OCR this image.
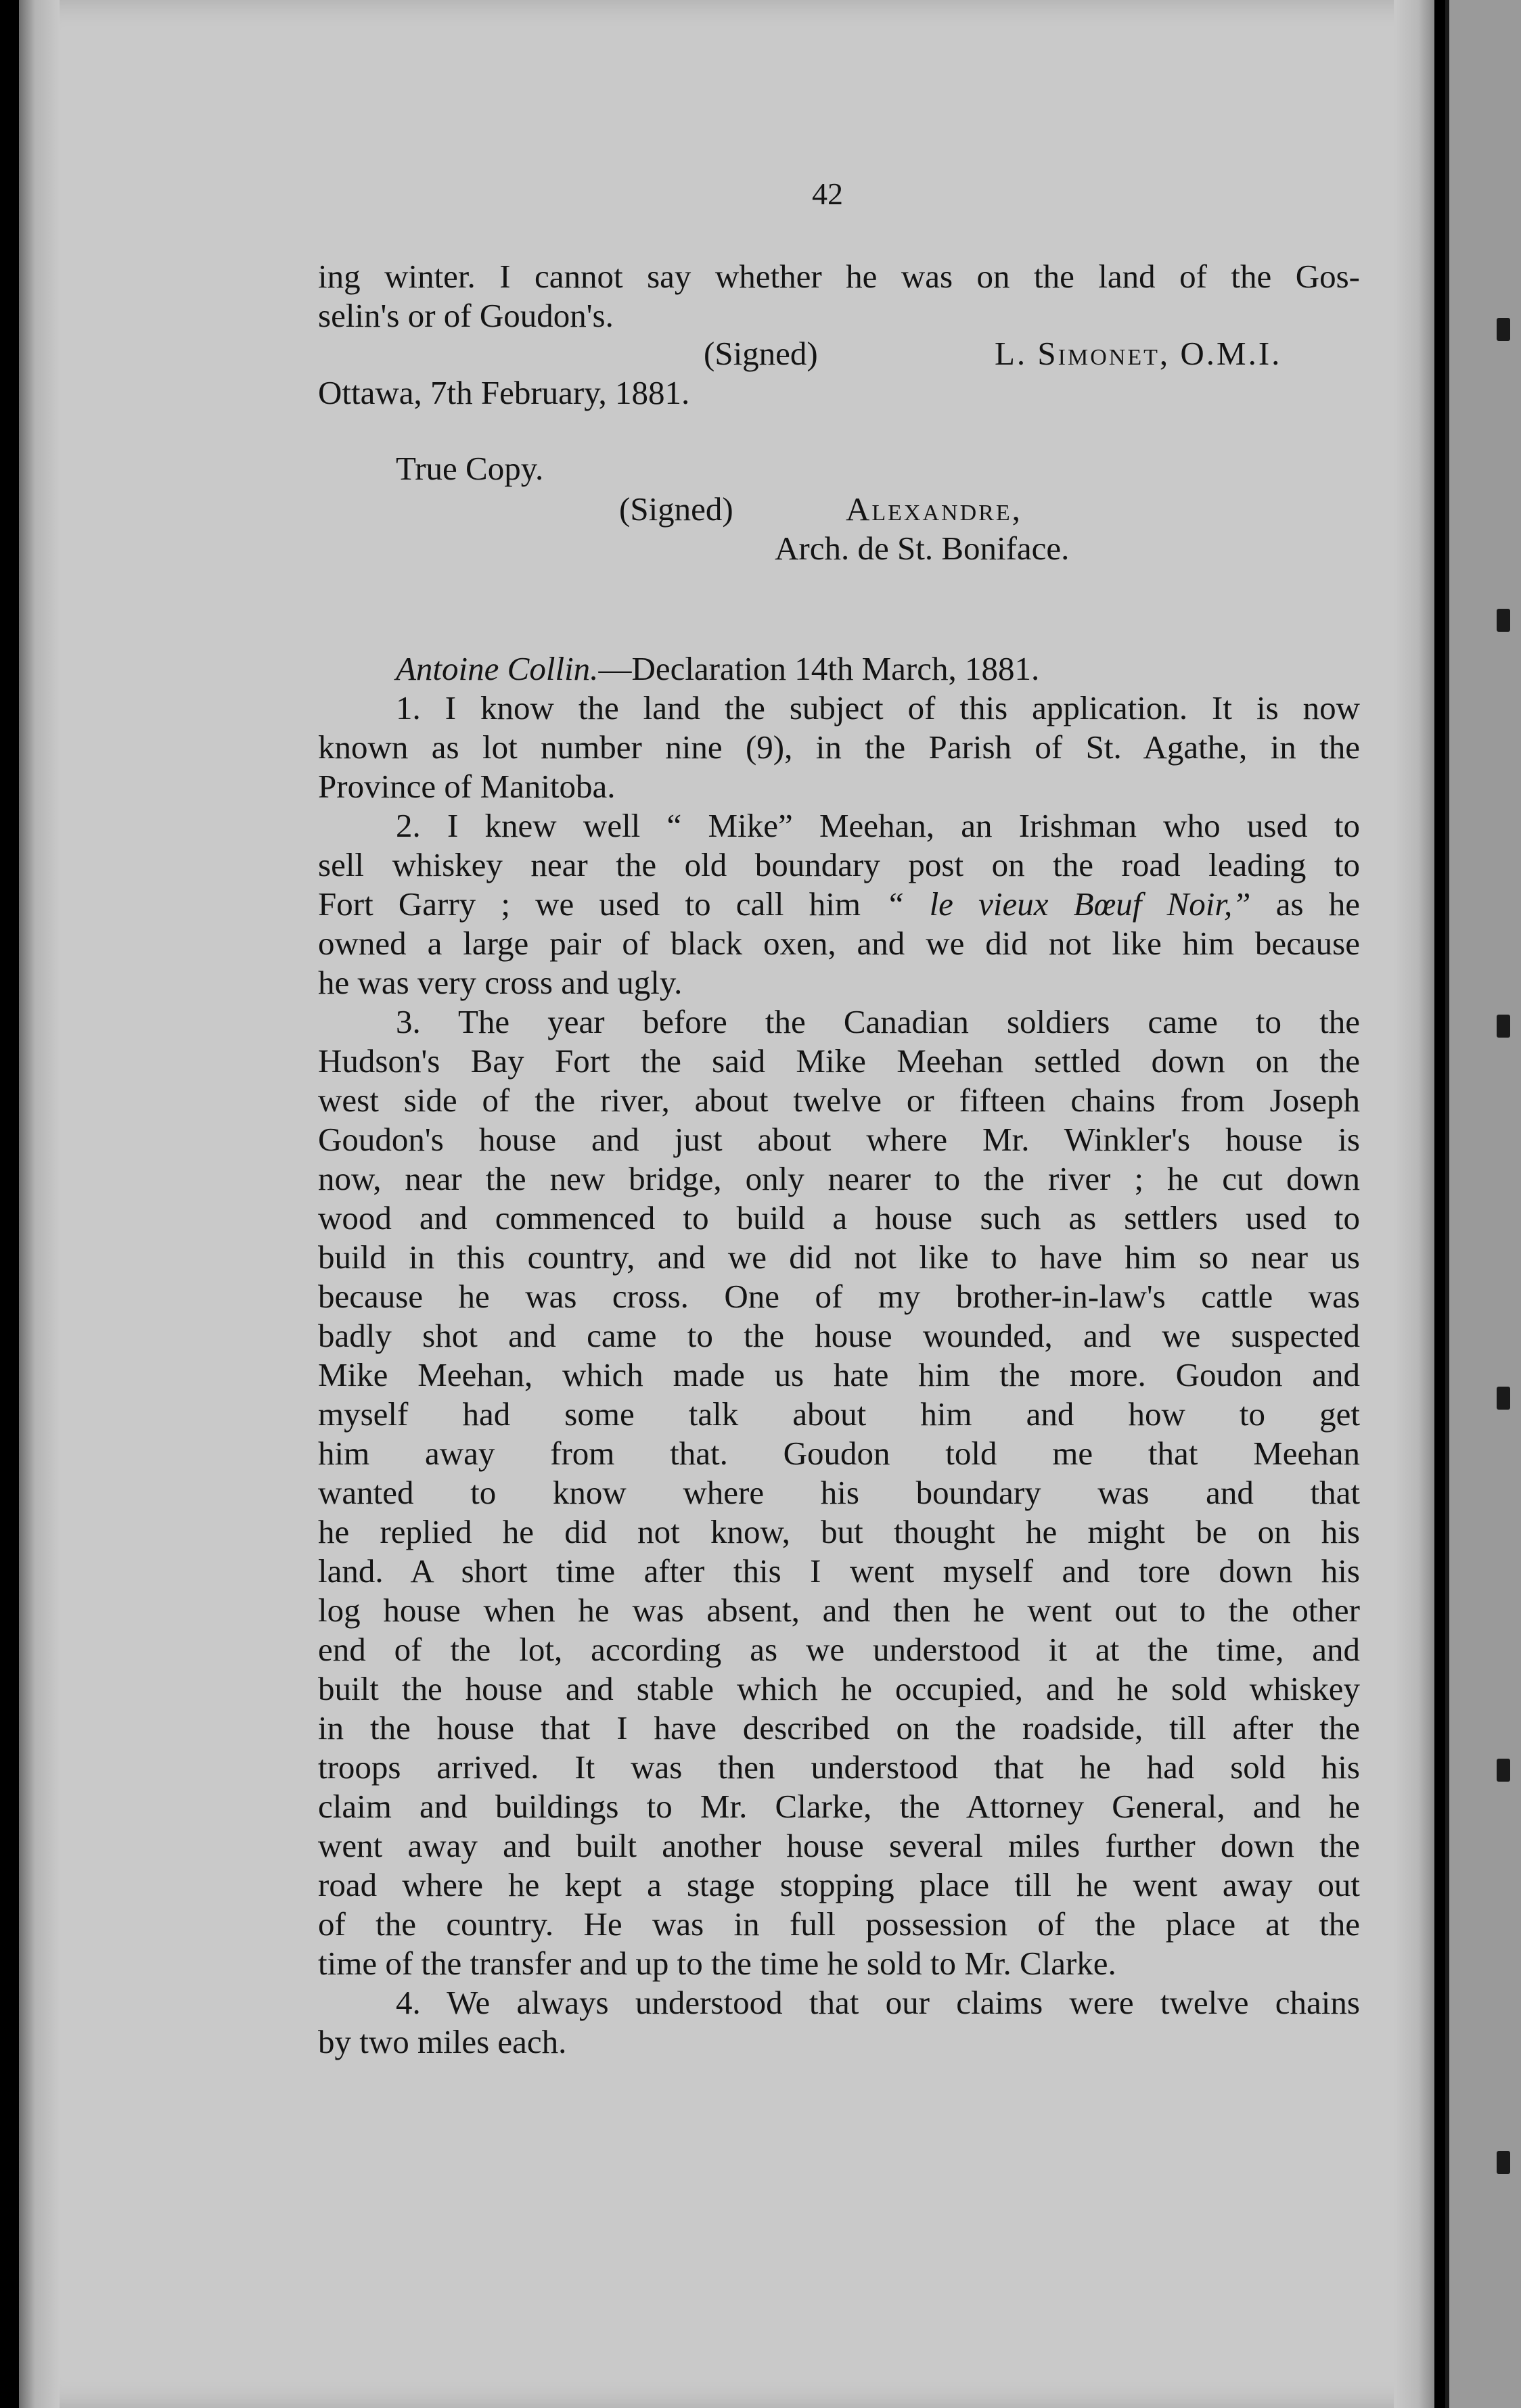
42
ing winter. I cannot say whether he was on the land of the Gos-
selin's or of Goudon's.
(Signed)	L. Simonet, O.M.I.
Ottawa, 7th February, 1881.
True Copy.
(Signed)	Alexandre,
Arch. de St. Boniface.
Antoine Collin.—Declaration 14th March, 1881.
1. I know the land the subject of this application. It is now
known as lot number nine (9), in the Parish of St. Agathe, in the
Province of Manitoba.
2. I knew well “ Mike” Meehan, an Irishman who used to
sell whiskey near the old boundary post on the road leading to
Fort Garry ; we used to call him “ le vieux Bœuf Noir,” as he
owned a large pair of black oxen, and we did not like him because
he was very cross and ugly.
3. The year before the Canadian soldiers came to the
Hudson's Bay Fort the said Mike Meehan settled down on the
west side of the river, about twelve or fifteen chains from Joseph
Goudon's house and just about where Mr. Winkler's house is
now, near the new bridge, only nearer to the river ; he cut down
wood and commenced to build a house such as settlers used to
build in this country, and we did not like to have him so near us
because he was cross. One of my brother-in-law's cattle was
badly shot and came to the house wounded, and we suspected
Mike Meehan, which made us hate him the more. Goudon and
myself had some talk about him and how to get
him away from that. Goudon told me that Meehan
wanted to know where his boundary was and that
he replied he did not know, but thought he might be on his
land. A short time after this I went myself and tore down his
log house when he was absent, and then he went out to the other
end of the lot, according as we understood it at the time, and
built the house and stable which he occupied, and he sold whiskey
in the house that I have described on the roadside, till after the
troops arrived. It was then understood that he had sold his
claim and buildings to Mr. Clarke, the Attorney General, and he
went away and built another house several miles further down the
road where he kept a stage stopping place till he went away out
of the country. He was in full possession of the place at the
time of the transfer and up to the time he sold to Mr. Clarke.
4. We always understood that our claims were twelve chains
by two miles each.
